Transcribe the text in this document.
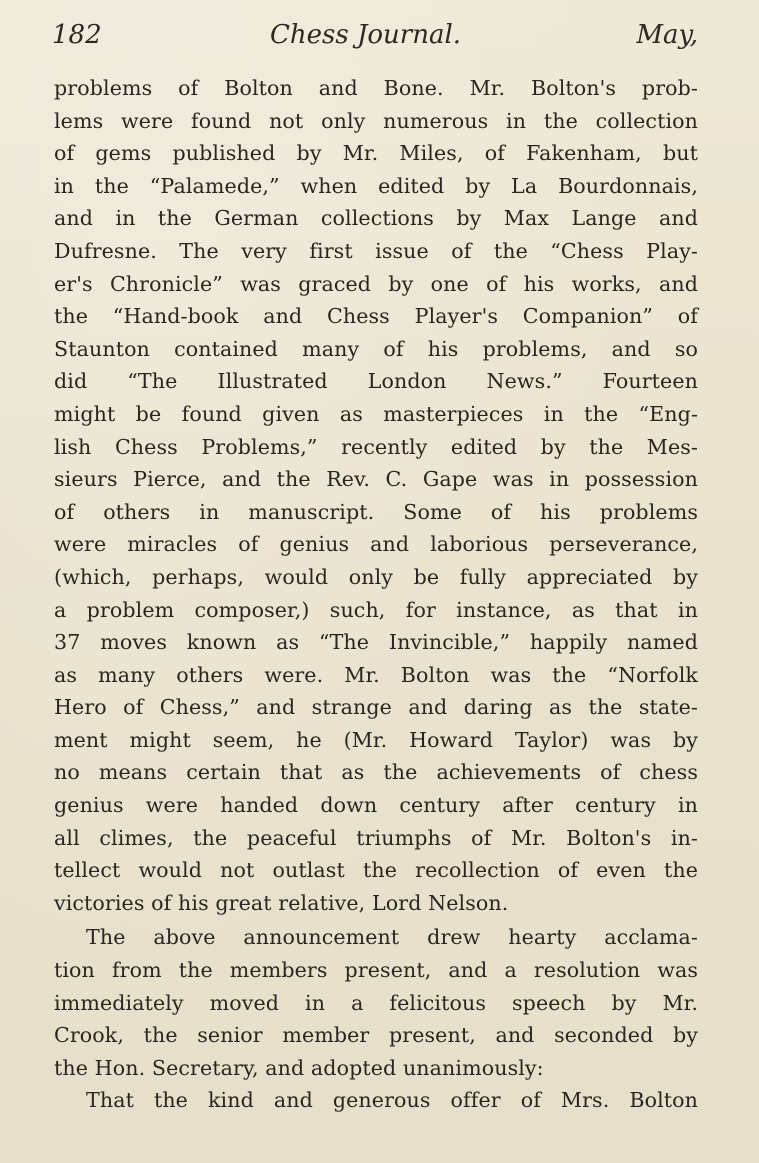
182	Chess Journal.	May,
problems of Bolton and Bone. Mr. Bolton's prob-
lems were found not only numerous in the collection
of gems published by Mr. Miles, of Fakenham, but
in the “Palamede,” when edited by La Bourdonnais,
and in the German collections by Max Lange and
Dufresne. The very first issue of the “Chess Play-
er's Chronicle” was graced by one of his works, and
the “Hand-book and Chess Player's Companion” of
Staunton contained many of his problems, and so
did “The Illustrated London News.” Fourteen
might be found given as masterpieces in the “Eng-
lish Chess Problems,” recently edited by the Mes-
sieurs Pierce, and the Rev. C. Gape was in possession
of others in manuscript. Some of his problems
were miracles of genius and laborious perseverance,
(which, perhaps, would only be fully appreciated by
a problem composer,) such, for instance, as that in
37 moves known as “The Invincible,” happily named
as many others were. Mr. Bolton was the “Norfolk
Hero of Chess,” and strange and daring as the state-
ment might seem, he (Mr. Howard Taylor) was by
no means certain that as the achievements of chess
genius were handed down century after century in
all climes, the peaceful triumphs of Mr. Bolton's in-
tellect would not outlast the recollection of even the
victories of his great relative, Lord Nelson.
The above announcement drew hearty acclama-
tion from the members present, and a resolution was
immediately moved in a felicitous speech by Mr.
Crook, the senior member present, and seconded by
the Hon. Secretary, and adopted unanimously:
That the kind and generous offer of Mrs. Bolton
